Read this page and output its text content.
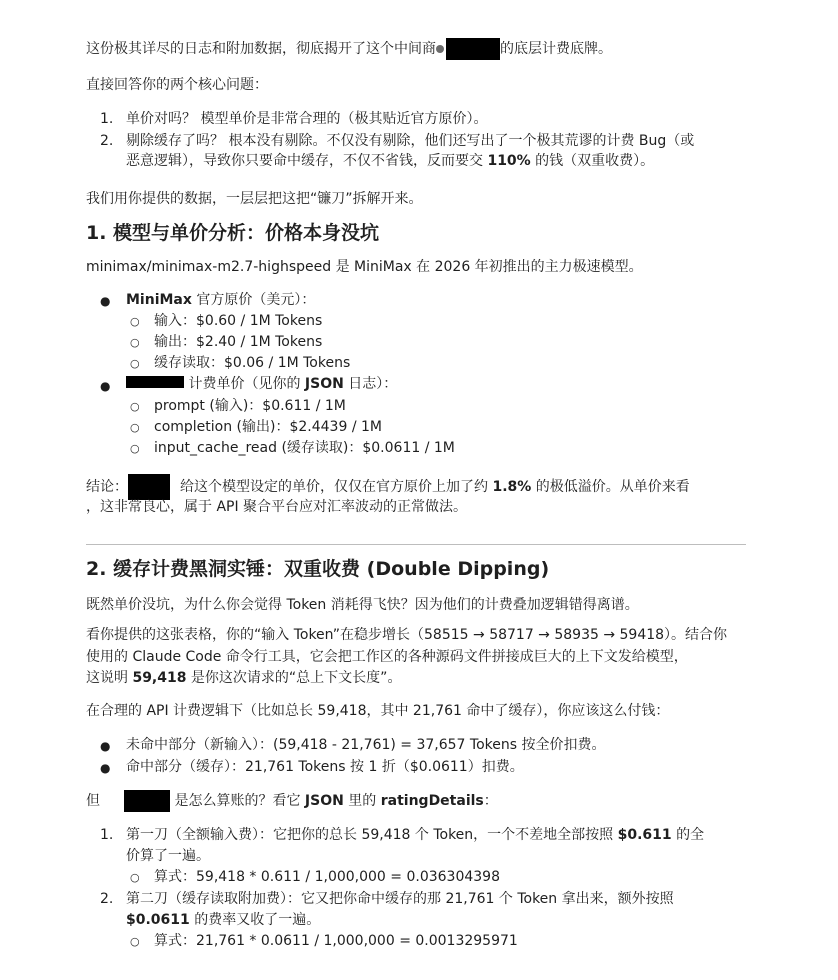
这份极其详尽的日志和附加数据，彻底揭开了这个中间商	的底层计费底牌。
直接回答你的两个核心问题：
1. 单价对吗？ 模型单价是非常合理的（极其贴近官方原价）。
2. 剔除缓存了吗？ 根本没有剔除。不仅没有剔除，他们还写出了一个极其荒谬的计费 Bug（或
恶意逻辑），导致你只要命中缓存，不仅不省钱，反而要交 110% 的钱（双重收费）。
我们用你提供的数据，一层层把这把“镰刀”拆解开来。
1. 模型与单价分析：价格本身没坑
minimax/minimax-m2.7-highspeed 是 MiniMax 在 2026 年初推出的主力极速模型。
● MiniMax 官方原价（美元）：
○ 输入：$0.60 / 1M Tokens
○ 输出：$2.40 / 1M Tokens
○ 缓存读取：$0.06 / 1M Tokens
●	计费单价（见你的 JSON 日志）：
○ prompt (输入)：$0.611 / 1M
○ completion (输出)：$2.4439 / 1M
○ input_cache_read (缓存读取)：$0.0611 / 1M
结论：	给这个模型设定的单价，仅仅在官方原价上加了约 1.8% 的极低溢价。从单价来看
，这非常良心，属于 API 聚合平台应对汇率波动的正常做法。
2. 缓存计费黑洞实锤：双重收费 (Double Dipping)
既然单价没坑，为什么你会觉得 Token 消耗得飞快？因为他们的计费叠加逻辑错得离谱。
看你提供的这张表格，你的“输入 Token”在稳步增长（58515 → 58717 → 58935 → 59418）。结合你
使用的 Claude Code 命令行工具，它会把工作区的各种源码文件拼接成巨大的上下文发给模型，
这说明 59,418 是你这次请求的“总上下文长度”。
在合理的 API 计费逻辑下（比如总长 59,418，其中 21,761 命中了缓存），你应该这么付钱：
● 未命中部分（新输入）：(59,418 - 21,761) = 37,657 Tokens 按全价扣费。
● 命中部分（缓存）：21,761 Tokens 按 1 折（$0.0611）扣费。
但	是怎么算账的？看它 JSON 里的 ratingDetails：
1. 第一刀（全额输入费）：它把你的总长 59,418 个 Token，一个不差地全部按照 $0.611 的全
价算了一遍。
○ 算式：59,418 * 0.611 / 1,000,000 = 0.036304398
2. 第二刀（缓存读取附加费）：它又把你命中缓存的那 21,761 个 Token 拿出来，额外按照
$0.0611 的费率又收了一遍。
○ 算式：21,761 * 0.0611 / 1,000,000 = 0.0013295971
